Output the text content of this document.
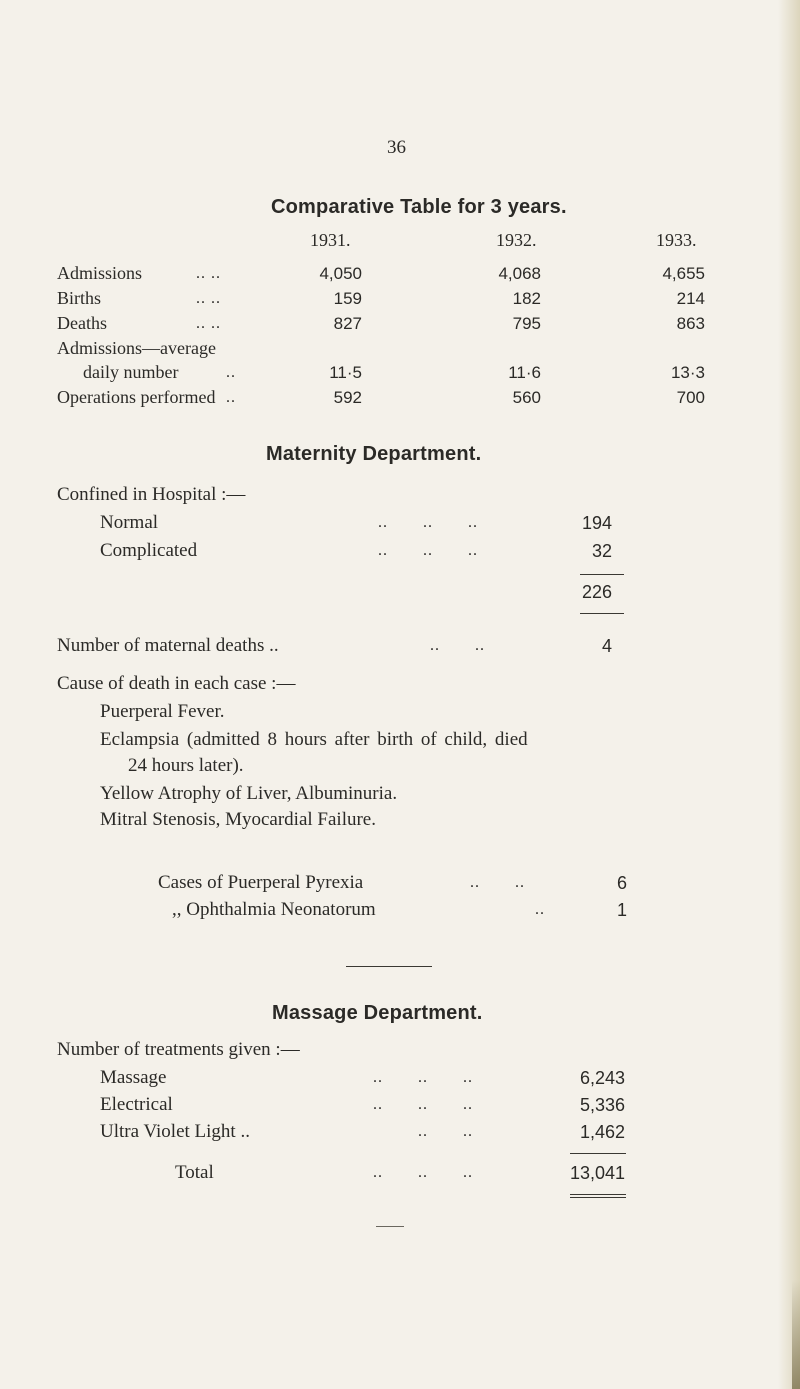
36
Comparative Table for 3 years.
1931.	1932.	1933.
Admissions	.. ..	4,050	4,068	4,655
Births	.. ..	159	182	214
Deaths	.. ..	827	795	863
Admissions—average
daily number	..	11·5	11·6	13·3
Operations performed ..	592	560	700
Maternity Department.
Confined in Hospital :—
Normal	..       ..       ..	194
Complicated	..       ..       ..	32
226
Number of maternal deaths ..	..       ..	4
Cause of death in each case :—
Puerperal Fever.
Eclampsia (admitted 8 hours after birth of child, died
24 hours later).
Yellow Atrophy of Liver, Albuminuria.
Mitral Stenosis, Myocardial Failure.
Cases of Puerperal Pyrexia	..       ..	6
,, Ophthalmia Neonatorum	..	1
Massage Department.
Number of treatments given :—
Massage	..       ..       ..	6,243
Electrical	..       ..       ..	5,336
Ultra Violet Light ..	..       ..	1,462
Total	..       ..       ..	13,041
